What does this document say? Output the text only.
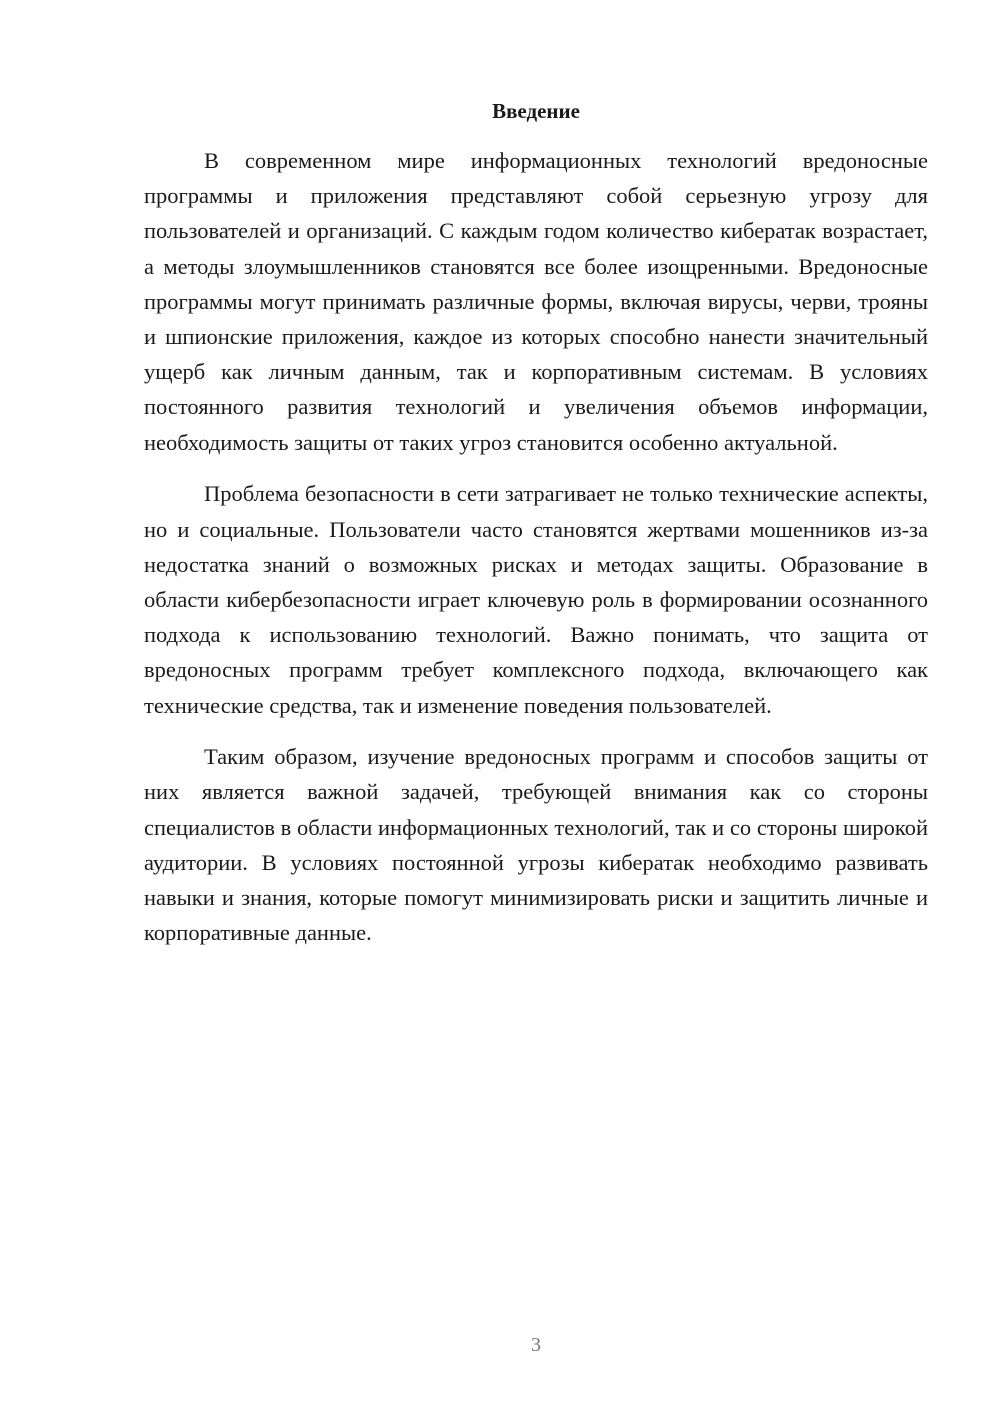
Введение

В современном мире информационных технологий вредоносные программы и приложения представляют собой серьезную угрозу для пользователей и организаций. С каждым годом количество кибератак возрастает, а методы злоумышленников становятся все более изощренными. Вредоносные программы могут принимать различные формы, включая вирусы, черви, трояны и шпионские приложения, каждое из которых способно нанести значительный ущерб как личным данным, так и корпоративным системам. В условиях постоянного развития технологий и увеличения объемов информации, необходимость защиты от таких угроз становится особенно актуальной.

Проблема безопасности в сети затрагивает не только технические аспекты, но и социальные. Пользователи часто становятся жертвами мошенников из-за недостатка знаний о возможных рисках и методах защиты. Образование в области кибербезопасности играет ключевую роль в формировании осознанного подхода к использованию технологий. Важно понимать, что защита от вредоносных программ требует комплексного подхода, включающего как технические средства, так и изменение поведения пользователей.

Таким образом, изучение вредоносных программ и способов защиты от них является важной задачей, требующей внимания как со стороны специалистов в области информационных технологий, так и со стороны широкой аудитории. В условиях постоянной угрозы кибератак необходимо развивать навыки и знания, которые помогут минимизировать риски и защитить личные и корпоративные данные.

3
